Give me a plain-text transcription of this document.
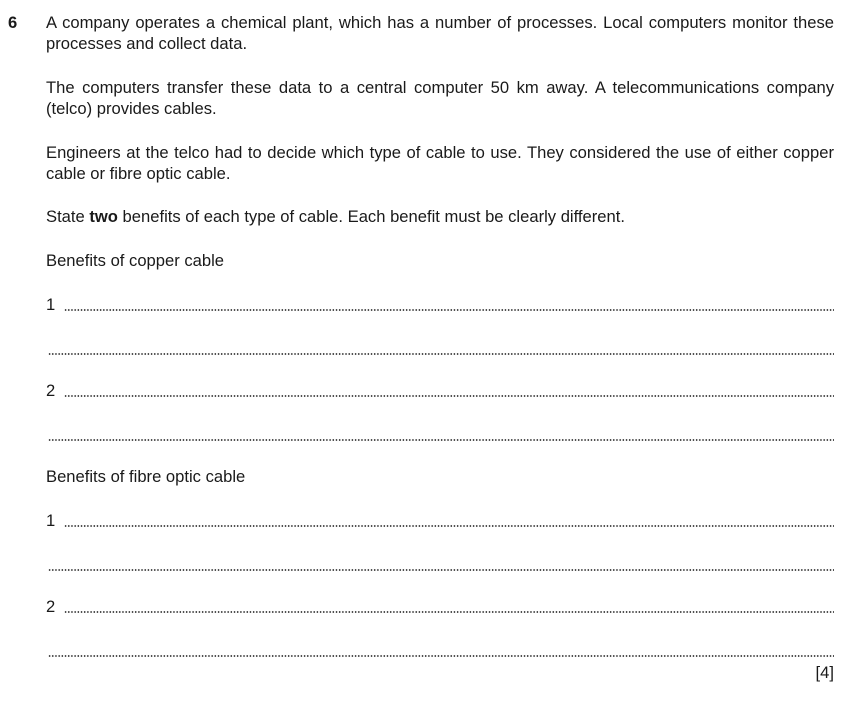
6 A company operates a chemical plant, which has a number of processes. Local computers monitor these processes and collect data.
The computers transfer these data to a central computer 50 km away. A telecommunications company (telco) provides cables.
Engineers at the telco had to decide which type of cable to use. They considered the use of either copper cable or fibre optic cable.
State two benefits of each type of cable. Each benefit must be clearly different.
Benefits of copper cable
1
2
Benefits of fibre optic cable
1
2
[4]
